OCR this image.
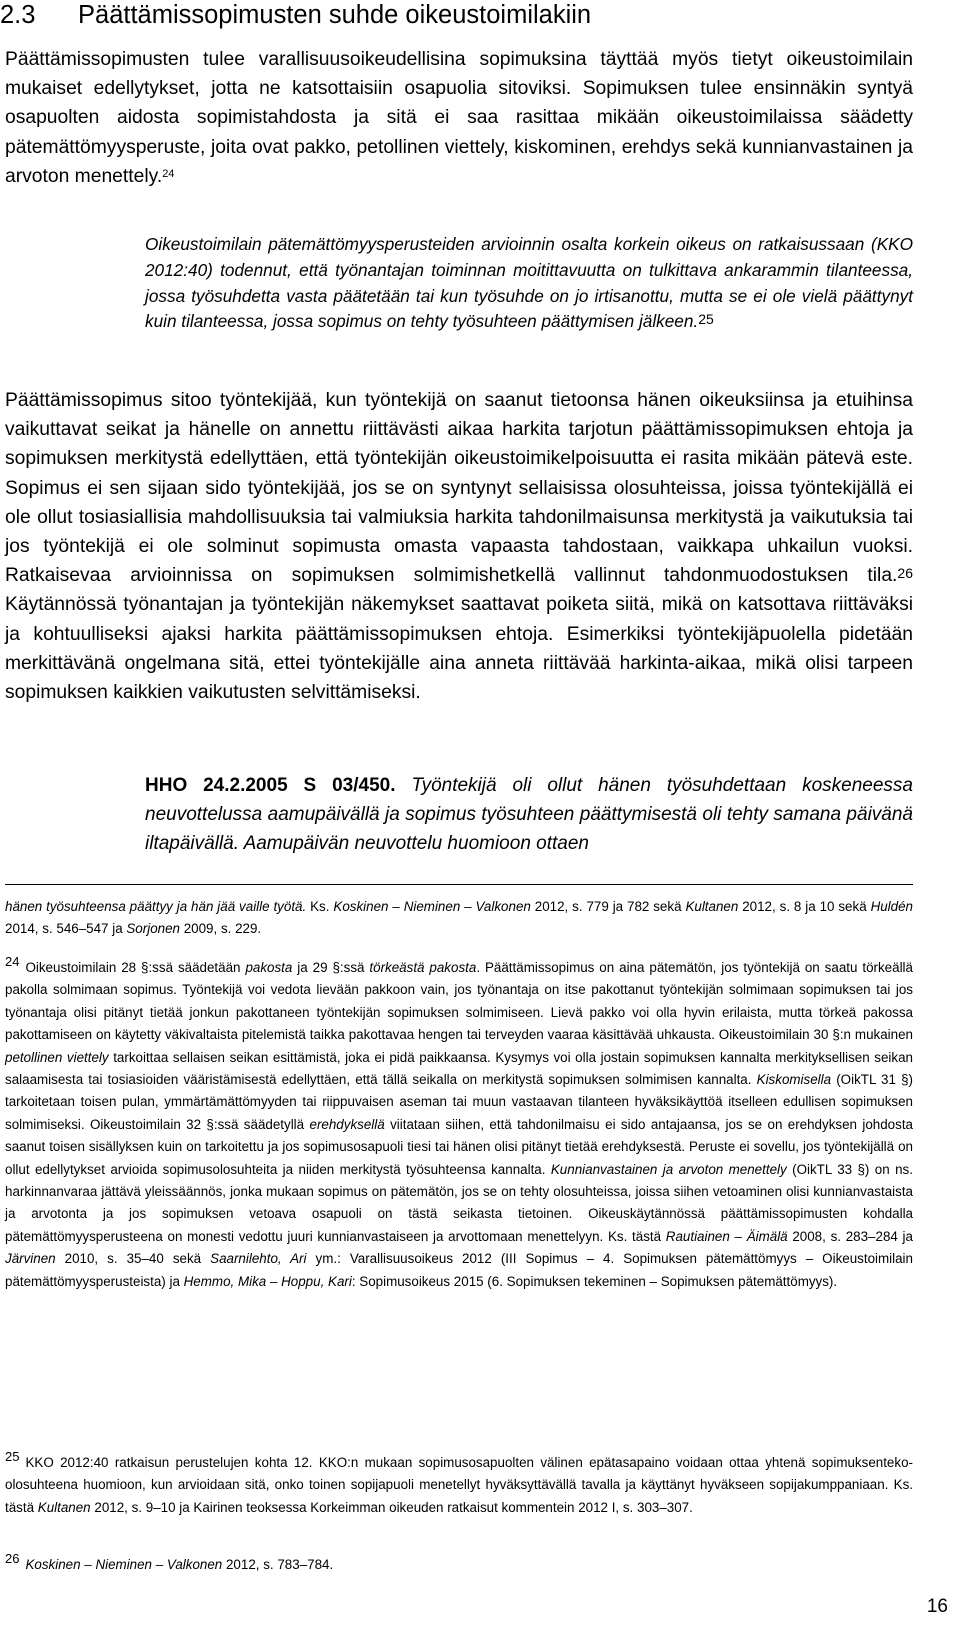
2.3 Päättämissopimusten suhde oikeustoimilakiin

Päättämissopimusten tulee varallisuusoikeudellisina sopimuksina täyttää myös tietyt oikeustoimilain mukaiset edellytykset, jotta ne katsottaisiin osapuolia sitoviksi. Sopimuksen tulee ensinnäkin syntyä osapuolten aidosta sopimistahdosta ja sitä ei saa rasittaa mikään oikeustoimilaissa säädetty pätemättömyysperuste, joita ovat pakko, petollinen viettely, kiskominen, erehdys sekä kunnianvastainen ja arvoton menettely.$^{24}$

Oikeustoimilain pätemättömyysperusteiden arvioinnin osalta korkein oikeus on ratkaisussaan (KKO 2012:40) todennut, että työnantajan toiminnan moitittavuutta on tulkittava ankarammin tilanteessa, jossa työsuhdetta vasta päätetään tai kun työsuhde on jo irtisanottu, mutta se ei ole vielä päättynyt kuin tilanteessa, jossa sopimus on tehty työsuhteen päättymisen jälkeen.$^{25}$

Päättämissopimus sitoo työntekijää, kun työntekijä on saanut tietoonsa hänen oikeuksiinsa ja etuihinsa vaikuttavat seikat ja hänelle on annettu riittävästi aikaa harkita tarjotun päättämissopimuksen ehtoja ja sopimuksen merkitystä edellyttäen, että työntekijän oikeustoimikelpoisuutta ei rasita mikään pätevä este. Sopimus ei sen sijaan sido työntekijää, jos se on syntynyt sellaisissa olosuhteissa, joissa työntekijällä ei ole ollut tosiasiallisia mahdollisuuksia tai valmiuksia harkita tahdonilmaisunsa merkitystä ja vaikutuksia tai jos työntekijä ei ole solminut sopimusta omasta vapaasta tahdostaan, vaikkapa uhkailun vuoksi. Ratkaisevaa arvioinnissa on sopimuksen solmimishetkellä vallinnut tahdonmuodostuksen tila.$^{26}$ Käytännössä työnantajan ja työntekijän näkemykset saattavat poiketa siitä, mikä on katsottava riittäväksi ja kohtuulliseksi ajaksi harkita päättämissopimuksen ehtoja. Esimerkiksi työntekijäpuolella pidetään merkittävänä ongelmana sitä, ettei työntekijälle aina anneta riittävää harkinta-aikaa, mikä olisi tarpeen sopimuksen kaikkien vaikutusten selvittämiseksi.

HHO 24.2.2005 S 03/450. Työntekijä oli ollut hänen työsuhdettaan koskeneessa neuvottelussa aamupäivällä ja sopimus työsuhteen päättymisestä oli tehty samana päivänä iltapäivällä. Aamupäivän neuvottelu huomioon ottaen

hänen työsuhteensa päättyy ja hän jää vaille työtä. Ks. Koskinen – Nieminen – Valkonen 2012, s. 779 ja 782 sekä Kultanen 2012, s. 8 ja 10 sekä Huldén 2014, s. 546–547 ja Sorjonen 2009, s. 229.

24 Oikeustoimilain 28 §:ssä säädetään pakosta ja 29 §:ssä törkeästä pakosta. Päättämissopimus on aina pätemätön, jos työntekijä on saatu törkeällä pakolla solmimaan sopimus. Työntekijä voi vedota lievään pakkoon vain, jos työnantaja on itse pakottanut työntekijän solmimaan sopimuksen tai jos työnantaja olisi pitänyt tietää jonkun pakottaneen työntekijän sopimuksen solmimiseen. Lievä pakko voi olla hyvin erilaista, mutta törkeä pakossa pakottamiseen on käytetty väkivaltaista pitelemistä taikka pakottavaa hengen tai terveyden vaaraa käsittävää uhkausta. Oikeustoimilain 30 §:n mukainen petollinen viettely tarkoittaa sellaisen seikan esittämistä, joka ei pidä paikkaansa. Kysymys voi olla jostain sopimuksen kannalta merkityksellisen seikan salaamisesta tai tosiasioiden vääristämisestä edellyttäen, että tällä seikalla on merkitystä sopimuksen solmimisen kannalta. Kiskomisella (OikTL 31 §) tarkoitetaan toisen pulan, ymmärtämättömyyden tai riippuvaisen aseman tai muun vastaavan tilanteen hyväksikäyttöä itselleen edullisen sopimuksen solmimiseksi. Oikeustoimilain 32 §:ssä säädetyllä erehdyksellä viitataan siihen, että tahdonilmaisu ei sido antajaansa, jos se on erehdyksen johdosta saanut toisen sisällyksen kuin on tarkoitettu ja jos sopimusosapuoli tiesi tai hänen olisi pitänyt tietää erehdyksestä. Peruste ei sovellu, jos työntekijällä on ollut edellytykset arvioida sopimusolosuhteita ja niiden merkitystä työsuhteensa kannalta. Kunnianvastainen ja arvoton menettely (OikTL 33 §) on ns. harkinnanvaraa jättävä yleissäännös, jonka mukaan sopimus on pätemätön, jos se on tehty olosuhteissa, joissa siihen vetoaminen olisi kunnianvastaista ja arvotonta ja jos sopimuksen vetoava osapuoli on tästä seikasta tietoinen. Oikeuskäytännössä päättämissopimusten kohdalla pätemättömyysperusteena on monesti vedottu juuri kunnianvastaiseen ja arvottomaan menettelyyn. Ks. tästä Rautiainen – Äimälä 2008, s. 283–284 ja Järvinen 2010, s. 35–40 sekä Saarnilehto, Ari ym.: Varallisuusoikeus 2012 (III Sopimus – 4. Sopimuksen pätemättömyys – Oikeustoimilain pätemättömyysperusteista) ja Hemmo, Mika – Hoppu, Kari: Sopimusoikeus 2015 (6. Sopimuksen tekeminen – Sopimuksen pätemättömyys).

25 KKO 2012:40 ratkaisun perustelujen kohta 12. KKO:n mukaan sopimusosapuolten välinen epätasapaino voidaan ottaa yhtenä sopimuksenteko-olosuhteena huomioon, kun arvioidaan sitä, onko toinen sopijapuoli menetellyt hyväksyttävällä tavalla ja käyttänyt hyväkseen sopijakumppaniaan. Ks. tästä Kultanen 2012, s. 9–10 ja Kairinen teoksessa Korkeimman oikeuden ratkaisut kommentein 2012 I, s. 303–307.

26 Koskinen – Nieminen – Valkonen 2012, s. 783–784.

16
